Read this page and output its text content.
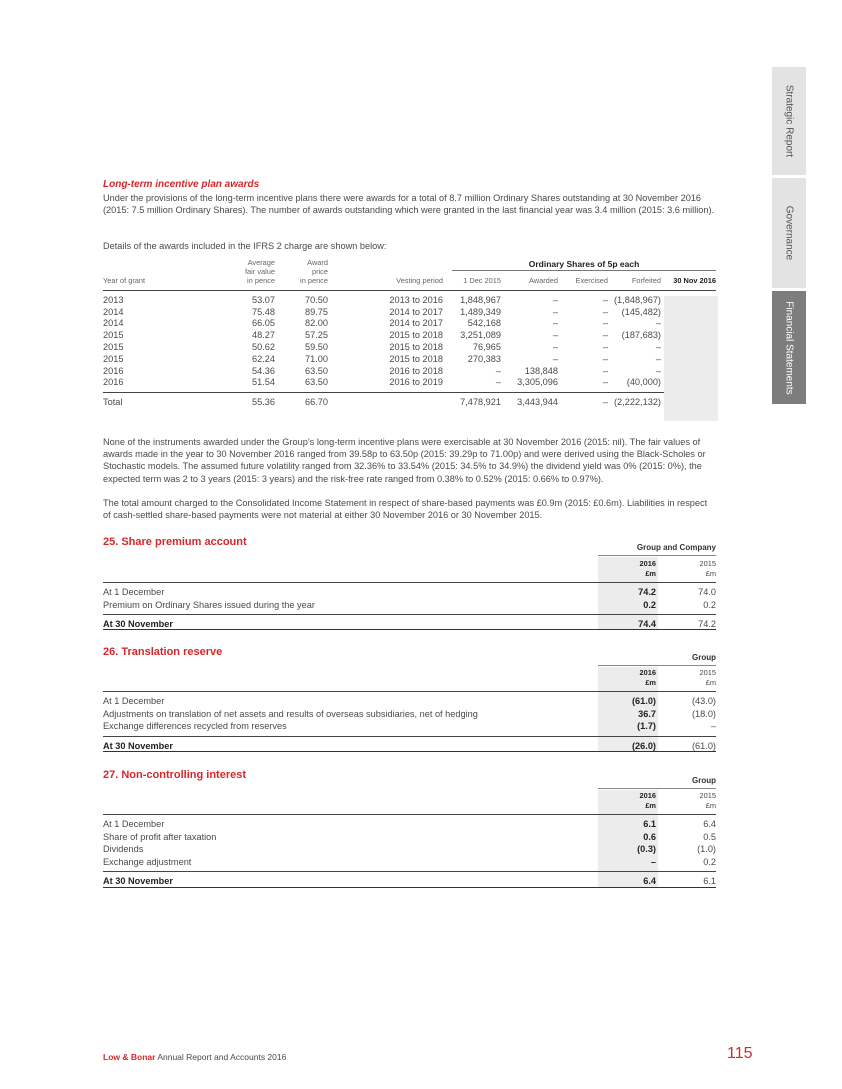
Strategic Report
Governance
Financial Statements
Long-term incentive plan awards

Under the provisions of the long-term incentive plans there were awards for a total of 8.7 million Ordinary Shares outstanding at 30 November 2016 (2015: 7.5 million Ordinary Shares). The number of awards outstanding which were granted in the last financial year was 3.4 million (2015: 3.6 million).

Details of the awards included in the IFRS 2 charge are shown below:

Ordinary Shares of 5p each
	Average	Award						
	fair value	price						
Year of grant	in pence	in pence	Vesting period	1 Dec 2015	Awarded	Exercised	Forfeited	30 Nov 2016

2013	53.07	70.50	2013 to 2016	1,848,967	–	–	(1,848,967)	
2014	75.48	89.75	2014 to 2017	1,489,349	–	–	(145,482)	
2014	66.05	82.00	2014 to 2017	542,168	–	–	–	
2015	48.27	57.25	2015 to 2018	3,251,089	–	–	(187,683)	
2015	50.62	59.50	2015 to 2018	76,965	–	–	–	
2015	62.24	71.00	2015 to 2018	270,383	–	–	–	
2016	54.36	63.50	2016 to 2018	–	138,848	–	–	
2016	51.54	63.50	2016 to 2019	–	3,305,096	–	(40,000)	

Total	55.36	66.70		7,478,921	3,443,944	–	(2,222,132)	

None of the instruments awarded under the Group’s long-term incentive plans were exercisable at 30 November 2016 (2015: nil). The fair values of awards made in the year to 30 November 2016 ranged from 39.58p to 63.50p (2015: 39.29p to 71.00p) and were derived using the Black-Scholes or Stochastic models. The assumed future volatility ranged from 32.36% to 33.54% (2015: 34.5% to 34.9%) the dividend yield was 0% (2015: 0%), the expected term was 2 to 3 years (2015: 3 years) and the risk-free rate ranged from 0.38% to 0.52% (2015: 0.66% to 0.97%).

The total amount charged to the Consolidated Income Statement in respect of share-based payments was £0.9m (2015: £0.6m). Liabilities in respect of cash-settled share-based payments were not material at either 30 November 2016 or 30 November 2015.

25. Share premium account	Group and Company
	2016	2015
	£m	£m

At 1 December	74.2	74.0
Premium on Ordinary Shares issued during the year	0.2	0.2

At 30 November	74.4	74.2
26. Translation reserve	Group
	2016	2015
	£m	£m

At 1 December	(61.0)	(43.0)
Adjustments on translation of net assets and results of overseas subsidiaries, net of hedging	36.7	(18.0)
Exchange differences recycled from reserves	(1.7)	–

At 30 November	(26.0)	(61.0)
27. Non-controlling interest	Group
	2016	2015
	£m	£m

At 1 December	6.1	6.4
Share of profit after taxation	0.6	0.5
Dividends	(0.3)	(1.0)
Exchange adjustment	–	0.2

At 30 November	6.4	6.1
Low & Bonar Annual Report and Accounts 2016	115
